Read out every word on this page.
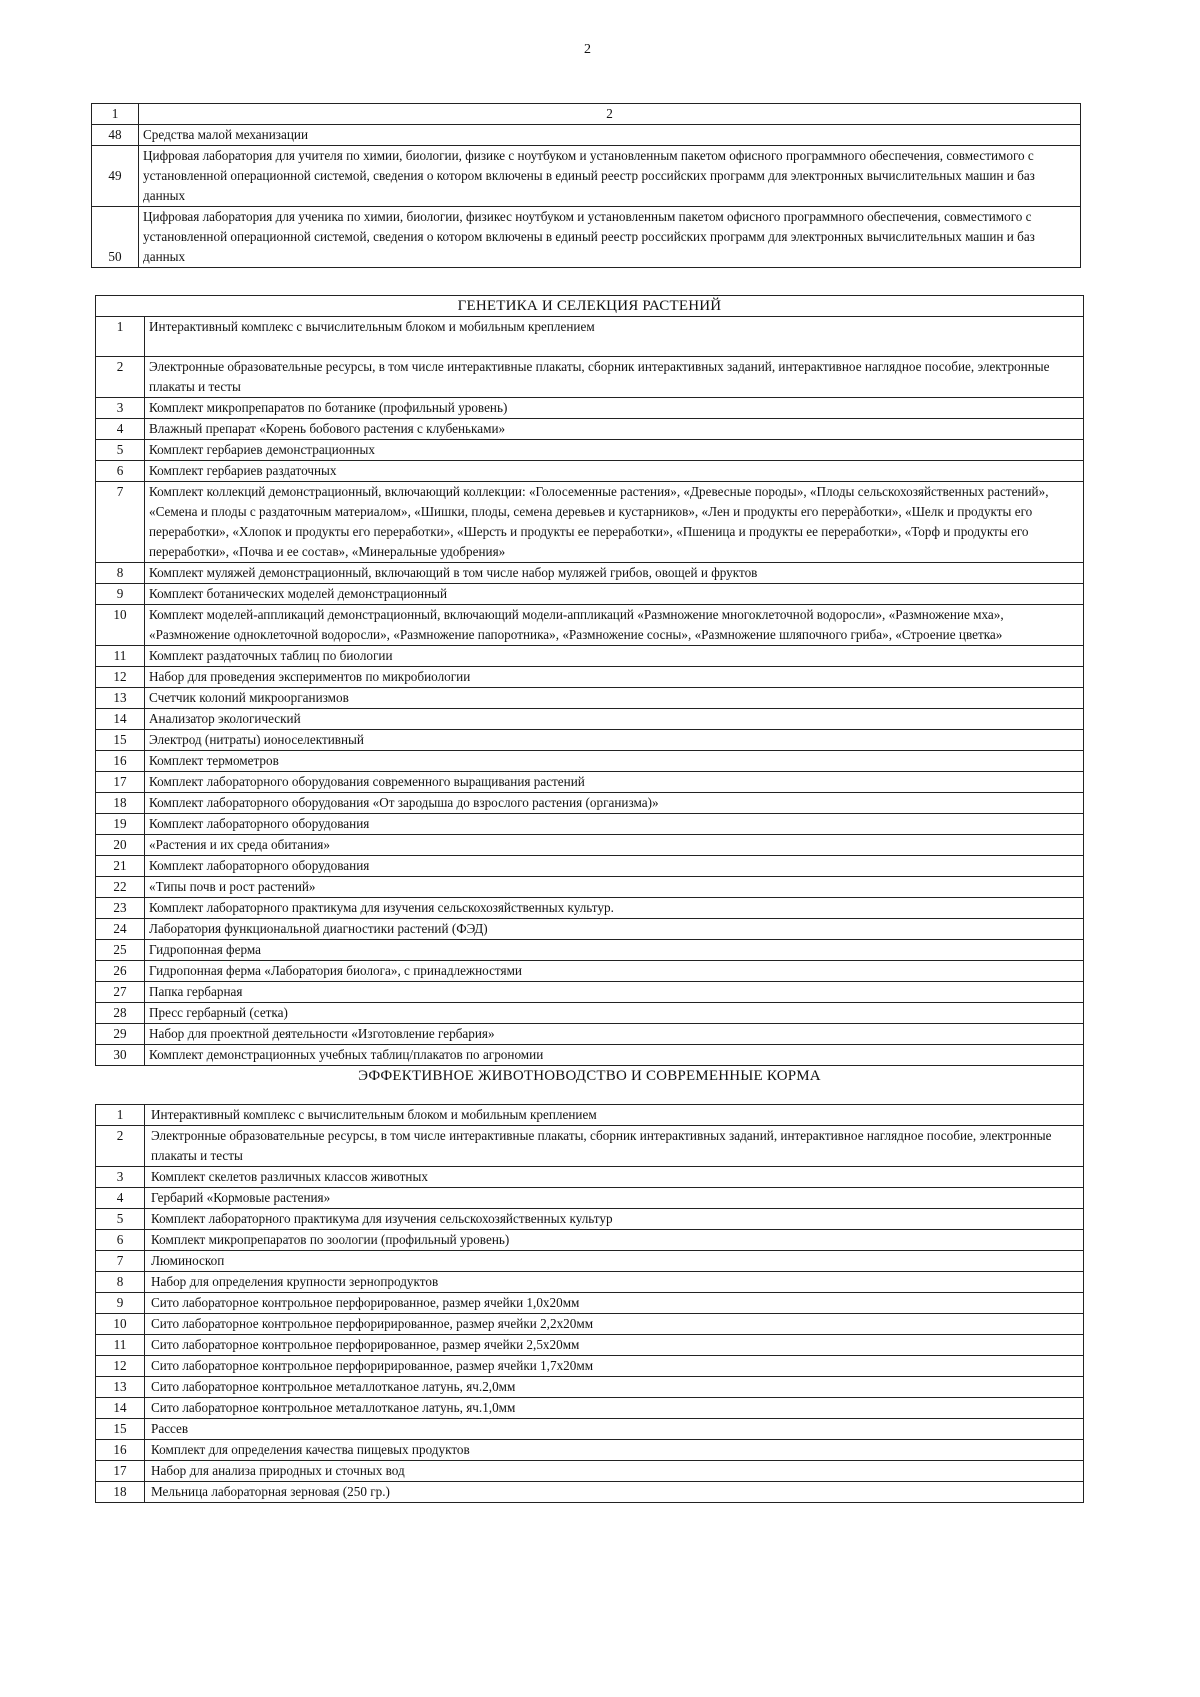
2
1	2
48	Средства малой механизации
49	Цифровая лаборатория для учителя по химии, биологии, физике с ноутбуком и установленным пакетом офисного программного обеспечения, совместимого с установленной операционной системой, сведения о котором включены в единый реестр российских программ для электронных вычислительных машин и баз данных
50	Цифровая лаборатория для ученика по химии, биологии, физикес ноутбуком и установленным пакетом офисного программного обеспечения, совместимого с установленной операционной системой, сведения о котором включены в единый реестр российских программ для электронных вычислительных машин и баз данных
ГЕНЕТИКА И СЕЛЕКЦИЯ РАСТЕНИЙ	
1	Интерактивный комплекс с вычислительным блоком и мобильным креплением
2	Электронные образовательные ресурсы, в том числе интерактивные плакаты, сборник интерактивных заданий, интерактивное наглядное пособие, электронные плакаты и тесты
3	Комплект микропрепаратов по ботанике (профильный уровень)
4	Влажный препарат «Корень бобового растения с клубеньками»
5	Комплект гербариев демонстрационных
6	Комплект гербариев раздаточных
7	Комплект коллекций демонстрационный, включающий коллекции: «Голосеменные растения», «Древесные породы», «Плоды сельскохозяйственных растений», «Семена и плоды с раздаточным материалом», «Шишки, плоды, семена деревьев и кустарников», «Лен и продукты его перерàботки», «Шелк и продукты его переработки», «Хлопок и продукты его переработки», «Шерсть и продукты ее переработки», «Пшеница и продукты ее переработки», «Торф и продукты его переработки», «Почва и ее состав», «Минеральные удобрения»
8	Комплект муляжей демонстрационный, включающий в том числе набор муляжей грибов, овощей и фруктов
9	Комплект ботанических моделей демонстрационный
10	Комплект моделей-аппликаций демонстрационный, включающий модели-аппликаций «Размножение многоклеточной водоросли», «Размножение мха», «Размножение одноклеточной водоросли», «Размножение папоротника», «Размножение сосны», «Размножение шляпочного гриба», «Строение цветка»
11	Комплект раздаточных таблиц по биологии
12	Набор для проведения экспериментов по микробиологии
13	Счетчик колоний микроорганизмов
14	Анализатор экологический
15	Электрод (нитраты) ионоселективный
16	Комплект термометров
17	Комплект лабораторного оборудования современного выращивания растений
18	Комплект лабораторного оборудования «От зародыша до взрослого растения (организма)»
19	Комплект лабораторного оборудования
20	«Растения и их среда обитания»
21	Комплект лабораторного оборудования
22	«Типы почв и рост растений»
23	Комплект лабораторного практикума для изучения сельскохозяйственных культур.
24	Лаборатория функциональной диагностики растений (ФЭД)
25	Гидропонная ферма
26	Гидропонная ферма «Лаборатория биолога», с принадлежностями
27	Папка гербарная
28	Пресс гербарный (сетка)
29	Набор для проектной деятельности «Изготовление гербария»
30	Комплект демонстрационных учебных таблиц/плакатов по агрономии
ЭФФЕКТИВНОЕ ЖИВОТНОВОДСТВО И СОВРЕМЕННЫЕ КОРМА	
1	Интерактивный комплекс с вычислительным блоком и мобильным креплением
2	Электронные образовательные ресурсы, в том числе интерактивные плакаты, сборник интерактивных заданий, интерактивное наглядное пособие, электронные плакаты и тесты
3	Комплект скелетов различных классов животных
4	Гербарий «Кормовые растения»
5	Комплект лабораторного практикума для изучения сельскохозяйственных культур
6	Комплект микропрепаратов по зоологии (профильный уровень)
7	Люминоскоп
8	Набор для определения крупности зернопродуктов
9	Сито лабораторное контрольное перфорированное, размер ячейки 1,0х20мм
10	Сито лабораторное контрольное перфорирированное, размер ячейки 2,2х20мм
11	Сито лабораторное контрольное перфорированное, размер ячейки 2,5х20мм
12	Сито лабораторное контрольное перфорирированное, размер ячейки 1,7х20мм
13	Сито лабораторное контрольное металлотканое латунь, яч.2,0мм
14	Сито лабораторное контрольное металлотканое латунь, яч.1,0мм
15	Рассев
16	Комплект для определения качества пищевых продуктов
17	Набор для анализа природных и сточных вод
18	Мельница лабораторная зерновая (250 гр.)
